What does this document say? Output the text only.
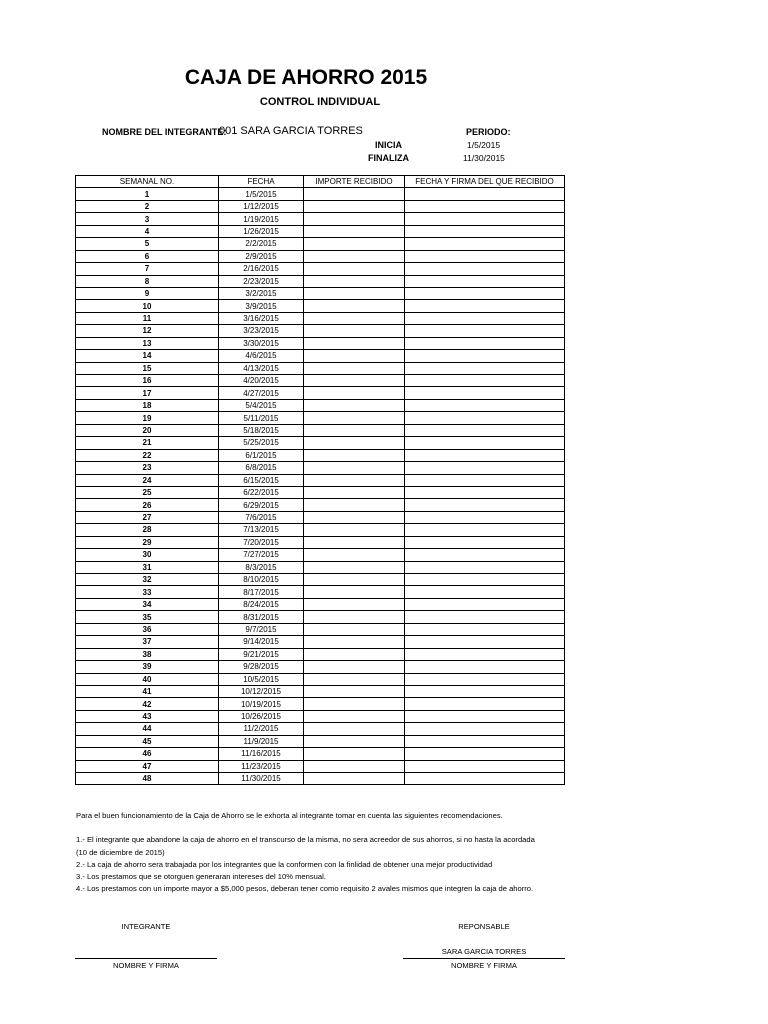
CAJA DE AHORRO 2015
CONTROL INDIVIDUAL
NOMBRE DEL INTEGRANTE:
001 SARA GARCIA TORRES	PERIODO:
INICIA	1/5/2015
FINALIZA	11/30/2015
SEMANAL NO.	FECHA	IMPORTE RECIBIDO	FECHA Y FIRMA DEL QUE RECIBIDO
1	1/5/2015		
2	1/12/2015		
3	1/19/2015		
4	1/26/2015		
5	2/2/2015		
6	2/9/2015		
7	2/16/2015		
8	2/23/2015		
9	3/2/2015		
10	3/9/2015		
11	3/16/2015		
12	3/23/2015		
13	3/30/2015		
14	4/6/2015		
15	4/13/2015		
16	4/20/2015		
17	4/27/2015		
18	5/4/2015		
19	5/11/2015		
20	5/18/2015		
21	5/25/2015		
22	6/1/2015		
23	6/8/2015		
24	6/15/2015		
25	6/22/2015		
26	6/29/2015		
27	7/6/2015		
28	7/13/2015		
29	7/20/2015		
30	7/27/2015		
31	8/3/2015		
32	8/10/2015		
33	8/17/2015		
34	8/24/2015		
35	8/31/2015		
36	9/7/2015		
37	9/14/2015		
38	9/21/2015		
39	9/28/2015		
40	10/5/2015		
41	10/12/2015		
42	10/19/2015		
43	10/26/2015		
44	11/2/2015		
45	11/9/2015		
46	11/16/2015		
47	11/23/2015		
48	11/30/2015		

Para el buen funcionamiento de la Caja de Ahorro se le exhorta al integrante tomar en cuenta las siguientes recomendaciones.

1.- El integrante que abandone la caja de ahorro en el transcurso de la misma, no sera acreedor de sus ahorros, si no hasta la acordada (10 de diciembre de 2015)

2.- La caja de ahorro sera trabajada por los integrantes que la conformen con la finlidad de obtener una mejor productividad

3.- Los prestamos que se otorguen generaran intereses del 10% mensual.

4.- Los prestamos con un importe mayor a $5,000 pesos, deberan tener como requisito 2 avales mismos que integren la caja de ahorro.

INTEGRANTE
NOMBRE Y FIRMA
REPONSABLE
SARA GARCIA TORRES
NOMBRE Y FIRMA
